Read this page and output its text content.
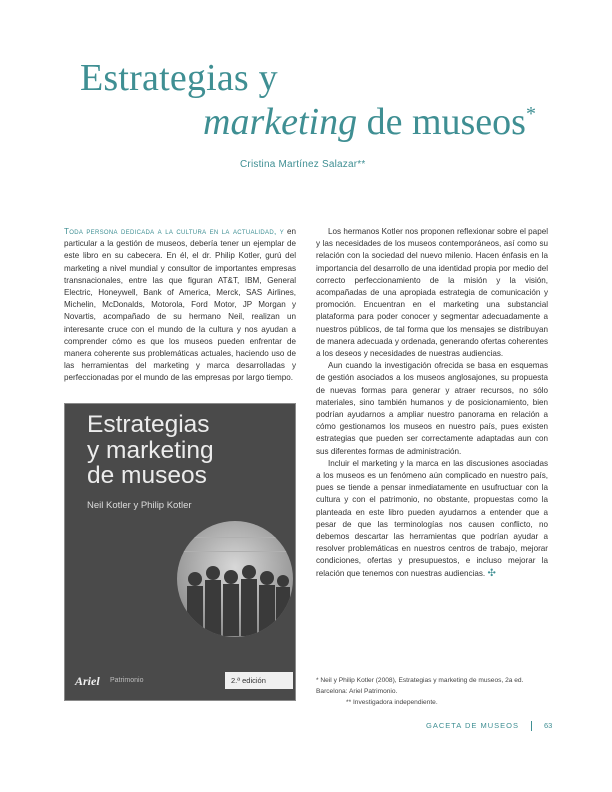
Estrategias y
marketing de museos*
Cristina Martínez Salazar**

Toda persona dedicada a la cultura en la actualidad, y en particular a la gestión de museos, debería tener un ejemplar de este libro en su cabecera. En él, el dr. Philip Kotler, gurú del marketing a nivel mundial y consultor de importantes empresas transnacionales, entre las que figuran AT&T, IBM, General Electric, Honeywell, Bank of America, Merck, SAS Airlines, Michelin, McDonalds, Motorola, Ford Motor, JP Morgan y Novartis, acompañado de su hermano Neil, realizan un interesante cruce con el mundo de la cultura y nos ayudan a comprender cómo es que los museos pueden enfrentar de manera coherente sus problemáticas actuales, haciendo uso de las herramientas del marketing y marca desarrolladas y perfeccionadas por el mundo de las empresas por largo tiempo.

Estrategias
y marketing
de museos
Neil Kotler y Philip Kotler
Ariel Patrimonio	2.ª edición

Los hermanos Kotler nos proponen reflexionar sobre el papel y las necesidades de los museos contemporáneos, así como su relación con la sociedad del nuevo milenio. Hacen énfasis en la importancia del desarrollo de una identidad propia por medio del correcto perfeccionamiento de la misión y la visión, acompañadas de una apropiada estrategia de comunicación y promoción. Encuentran en el marketing una substancial plataforma para poder conocer y segmentar adecuadamente a nuestros públicos, de tal forma que los mensajes se distribuyan de manera adecuada y ordenada, generando ofertas coherentes a los deseos y necesidades de nuestras audiencias.

Aun cuando la investigación ofrecida se basa en esquemas de gestión asociados a los museos anglosajones, su propuesta de nuevas formas para generar y atraer recursos, no sólo materiales, sino también humanos y de posicionamiento, bien podrían ayudarnos a ampliar nuestro panorama en relación a cómo gestionamos los museos en nuestro país, pues existen estrategias que pueden ser correctamente adaptadas aun con sus diferentes formas de administración.

Incluir el marketing y la marca en las discusiones asociadas a los museos es un fenómeno aún complicado en nuestro país, pues se tiende a pensar inmediatamente en usufructuar con la cultura y con el patrimonio, no obstante, propuestas como la planteada en este libro pueden ayudarnos a entender que a pesar de que las terminologías nos causen conflicto, no debemos descartar las herramientas que podrían ayudar a resolver problemáticas en nuestros centros de trabajo, mejorar condiciones, ofertas y presupuestos, e incluso mejorar la relación que tenemos con nuestras audiencias. ✣

* Neil y Philip Kotler (2008), Estrategias y marketing de museos, 2a ed. Barcelona: Ariel Patrimonio.

** Investigadora independiente.

GACETA DE MUSEOS	63
